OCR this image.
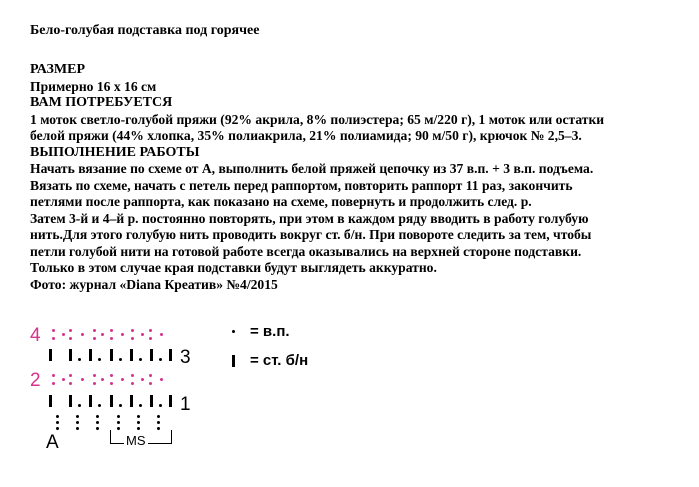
Бело-голубая подставка под горячее
РАЗМЕР
Примерно 16 х 16 см
ВАМ ПОТРЕБУЕТСЯ
1 моток светло-голубой пряжи (92% акрила, 8% полиэстера; 65 м/220 г), 1 моток или остатки
белой пряжи (44% хлопка, 35% полиакрила, 21% полиамида; 90 м/50 г), крючок № 2,5–3.
ВЫПОЛНЕНИЕ РАБОТЫ
Начать вязание по схеме от А, выполнить белой пряжей цепочку из 37 в.п. + 3 в.п. подъема.
Вязать по схеме, начать с петель перед раппортом, повторить раппорт 11 раз, закончить
петлями после раппорта, как показано на схеме, повернуть и продолжить след. р.
Затем 3-й и 4–й р. постоянно повторять, при этом в каждом ряду вводить в работу голубую
нить.Для этого голубую нить проводить вокруг ст. б/н. При повороте следить за тем, чтобы
петли голубой нити на готовой работе всегда оказывались на верхней стороне подставки.
Только в этом случае края подставки будут выглядеть аккуратно.
Фото: журнал «Diana Креатив» №4/2015
4
3
2
1
A	MS
= в.п.
= ст. б/н
